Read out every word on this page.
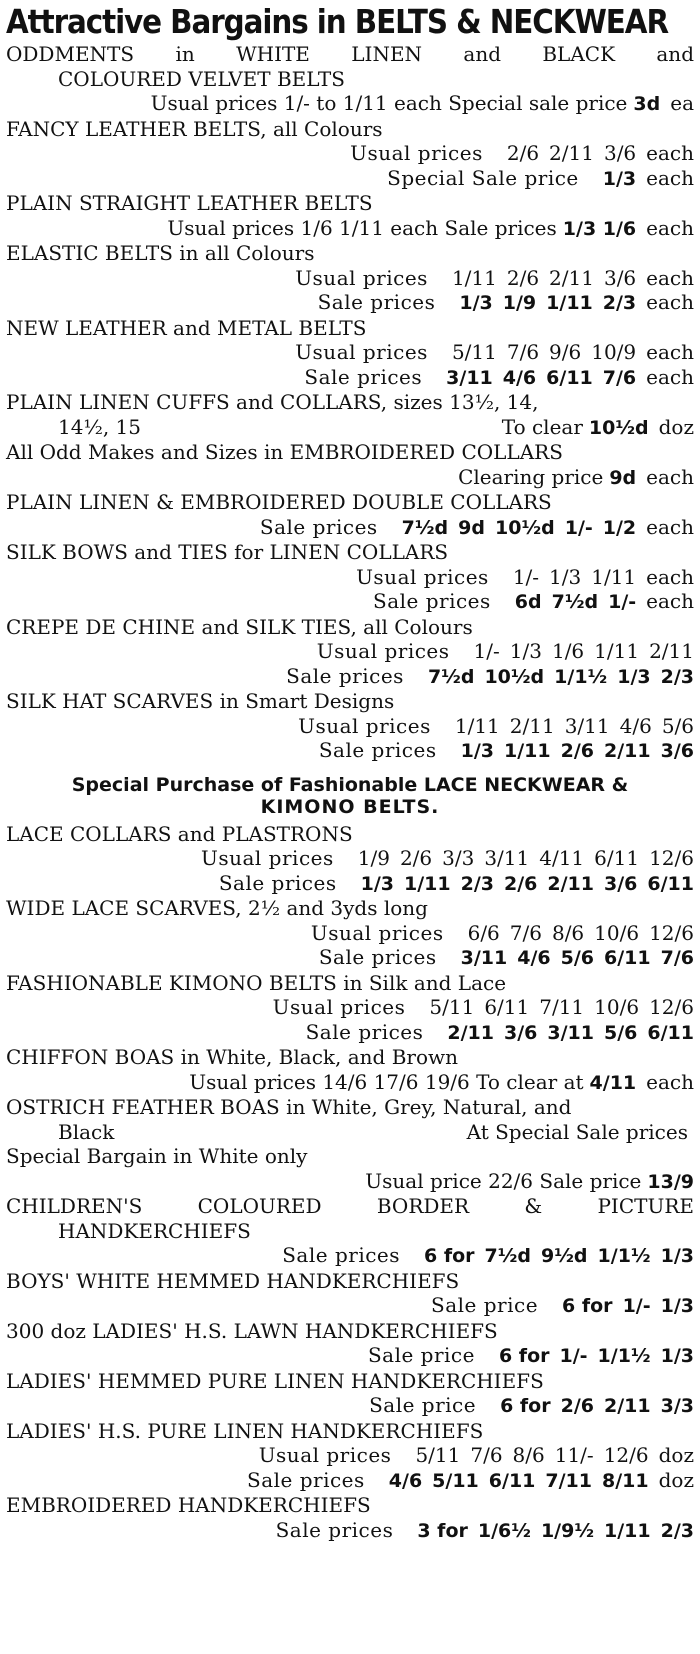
Attractive Bargains in BELTS & NECKWEAR
ODDMENTS in WHITE LINEN and BLACK and
COLOURED VELVET BELTS
Usual prices 1/- to 1/11 each Special sale price 3d ea
FANCY LEATHER BELTS, all Colours
Usual prices 2/6 2/11 3/6 each
Special Sale price 1/3 each
PLAIN STRAIGHT LEATHER BELTS
Usual prices 1/6 1/11 each Sale prices 1/3 1/6 each
ELASTIC BELTS in all Colours
Usual prices 1/11 2/6 2/11 3/6 each
Sale prices 1/3 1/9 1/11 2/3 each
NEW LEATHER and METAL BELTS
Usual prices 5/11 7/6 9/6 10/9 each
Sale prices 3/11 4/6 6/11 7/6 each
PLAIN LINEN CUFFS and COLLARS, sizes 13½, 14,
14½, 15	To clear 10½d doz
All Odd Makes and Sizes in EMBROIDERED COLLARS
Clearing price 9d each
PLAIN LINEN & EMBROIDERED DOUBLE COLLARS
Sale prices 7½d 9d 10½d 1/- 1/2 each
SILK BOWS and TIES for LINEN COLLARS
Usual prices 1/- 1/3 1/11 each
Sale prices 6d 7½d 1/- each
CREPE DE CHINE and SILK TIES, all Colours
Usual prices 1/- 1/3 1/6 1/11 2/11
Sale prices 7½d 10½d 1/1½ 1/3 2/3
SILK HAT SCARVES in Smart Designs
Usual prices 1/11 2/11 3/11 4/6 5/6
Sale prices 1/3 1/11 2/6 2/11 3/6
Special Purchase of Fashionable LACE NECKWEAR &
KIMONO BELTS.
LACE COLLARS and PLASTRONS
Usual prices 1/9 2/6 3/3 3/11 4/11 6/11 12/6
Sale prices 1/3 1/11 2/3 2/6 2/11 3/6 6/11
WIDE LACE SCARVES, 2½ and 3yds long
Usual prices 6/6 7/6 8/6 10/6 12/6
Sale prices 3/11 4/6 5/6 6/11 7/6
FASHIONABLE KIMONO BELTS in Silk and Lace
Usual prices 5/11 6/11 7/11 10/6 12/6
Sale prices 2/11 3/6 3/11 5/6 6/11
CHIFFON BOAS in White, Black, and Brown
Usual prices 14/6 17/6 19/6 To clear at 4/11 each
OSTRICH FEATHER BOAS in White, Grey, Natural, and
Black	At Special Sale prices
Special Bargain in White only
Usual price 22/6 Sale price 13/9
CHILDREN'S COLOURED BORDER & PICTURE
HANDKERCHIEFS
Sale prices 6 for 7½d 9½d 1/1½ 1/3
BOYS' WHITE HEMMED HANDKERCHIEFS
Sale price 6 for 1/- 1/3
300 doz LADIES' H.S. LAWN HANDKERCHIEFS
Sale price 6 for 1/- 1/1½ 1/3
LADIES' HEMMED PURE LINEN HANDKERCHIEFS
Sale price 6 for 2/6 2/11 3/3
LADIES' H.S. PURE LINEN HANDKERCHIEFS
Usual prices 5/11 7/6 8/6 11/- 12/6 doz
Sale prices 4/6 5/11 6/11 7/11 8/11 doz
EMBROIDERED HANDKERCHIEFS
Sale prices 3 for 1/6½ 1/9½ 1/11 2/3
